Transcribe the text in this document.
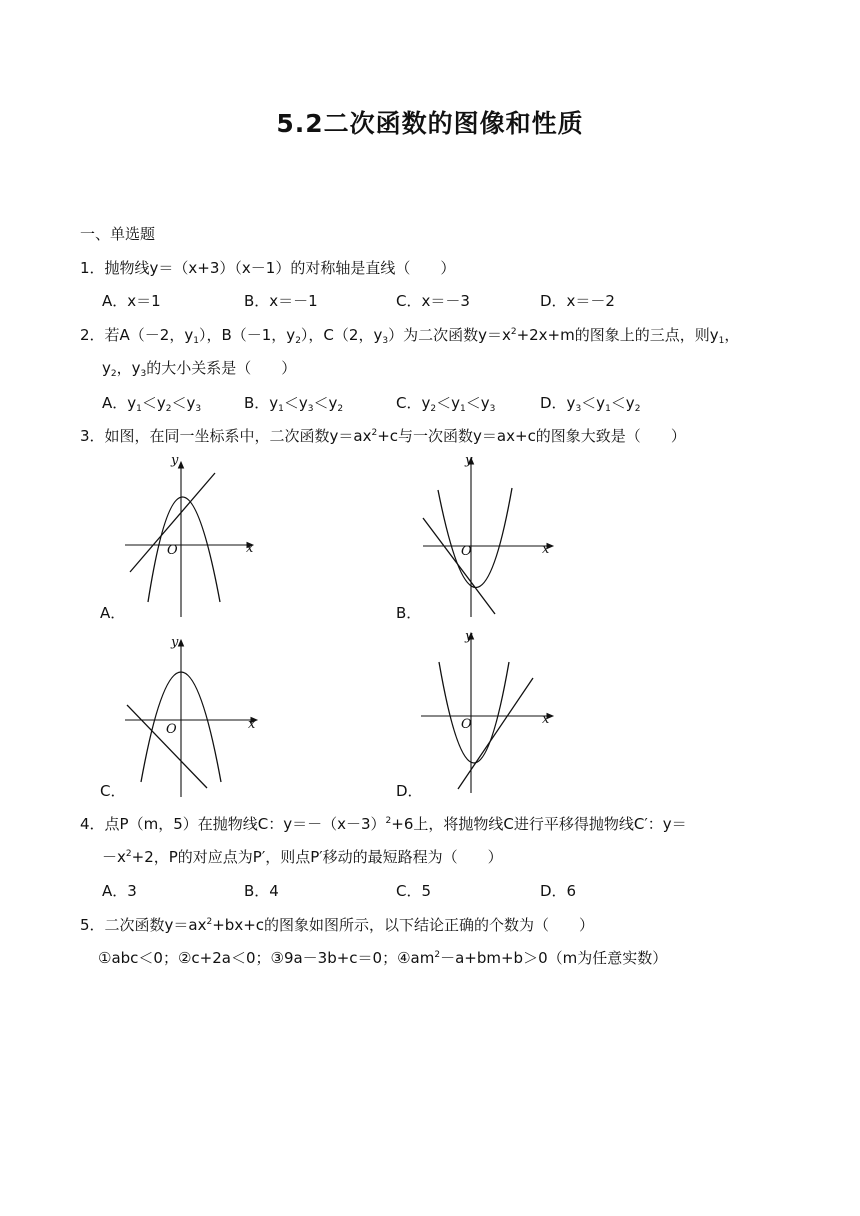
5.2二次函数的图像和性质
一、单选题
1．抛物线y＝（x+3）（x－1）的对称轴是直线（　　）
A．x＝1	B．x＝－1	C．x＝－3	D．x＝－2
2．若A（－2，$y_1$），B（－1，$y_2$），C（2，$y_3$）为二次函数$y=x^2+2x+m$的图象上的三点，则$y_1$，
$y_2$，$y_3$的大小关系是（　　）
A．$y_1<y_2<y_3$	B．$y_1<y_3<y_2$	C．$y_2<y_1<y_3$	D．$y_3<y_1<y_2$
3．如图，在同一坐标系中，二次函数$y=ax^2+c$与一次函数y＝ax+c的图象大致是（　　）
y
x
O
A．
y
x
O
B．
y
x
O
C．
y
x
O
D．
4．点P（m，5）在抛物线C：$y=-(x-3)^2+6$上，将抛物线C进行平移得抛物线C′：y＝
$-x^2+2$，P的对应点为P′，则点P′移动的最短路程为（　　）
A．3	B．4	C．5	D．6
5．二次函数$y=ax^2+bx+c$的图象如图所示，以下结论正确的个数为（　　）
①abc＜0；②c+2a＜0；③9a－3b+c＝0；$④am^2-a+bm+b>0(m$为任意实数）
